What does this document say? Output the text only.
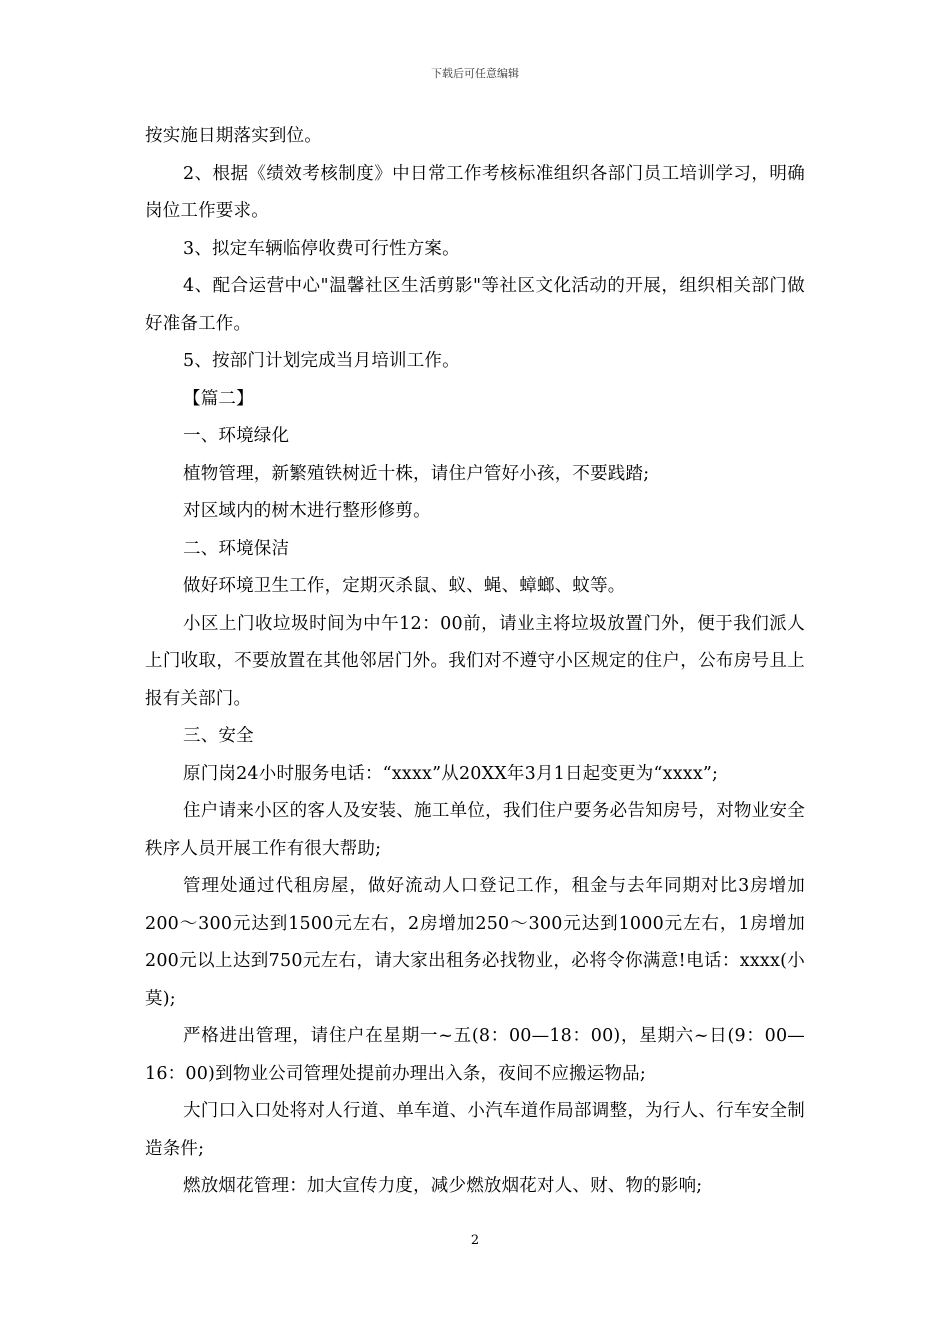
下载后可任意编辑

按实施日期落实到位。

2、根据《绩效考核制度》中日常工作考核标准组织各部门员工培训学习，明确岗位工作要求。

3、拟定车辆临停收费可行性方案。

4、配合运营中心"温馨社区生活剪影"等社区文化活动的开展，组织相关部门做好准备工作。

5、按部门计划完成当月培训工作。

【篇二】

一、环境绿化

植物管理，新繁殖铁树近十株，请住户管好小孩，不要践踏;

对区域内的树木进行整形修剪。

二、环境保洁

做好环境卫生工作，定期灭杀鼠、蚁、蝇、蟑螂、蚊等。

小区上门收垃圾时间为中午12：00前，请业主将垃圾放置门外，便于我们派人上门收取，不要放置在其他邻居门外。我们对不遵守小区规定的住户，公布房号且上报有关部门。

三、安全

原门岗24小时服务电话：“xxxx”从20XX年3月1日起变更为“xxxx”;

住户请来小区的客人及安装、施工单位，我们住户要务必告知房号，对物业安全秩序人员开展工作有很大帮助;

管理处通过代租房屋，做好流动人口登记工作，租金与去年同期对比3房增加200～300元达到1500元左右，2房增加250～300元达到1000元左右，1房增加200元以上达到750元左右，请大家出租务必找物业，必将令你满意!电话：xxxx(小莫);

严格进出管理，请住户在星期一~五(8：00—18：00)，星期六~日(9：00—16：00)到物业公司管理处提前办理出入条，夜间不应搬运物品;

大门口入口处将对人行道、单车道、小汽车道作局部调整，为行人、行车安全制造条件;

燃放烟花管理：加大宣传力度，减少燃放烟花对人、财、物的影响;

2
